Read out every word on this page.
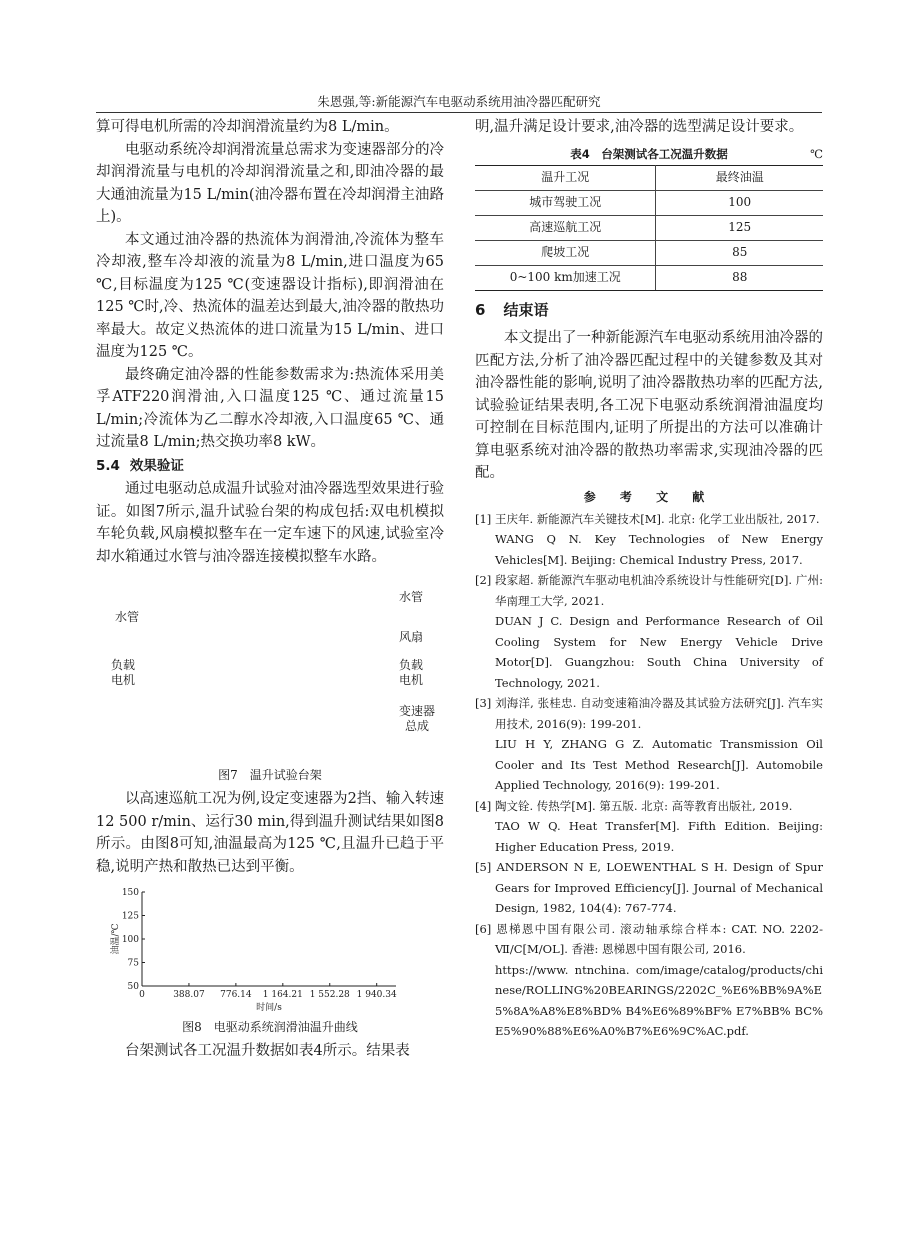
朱恩强,等:新能源汽车电驱动系统用油冷器匹配研究

算可得电机所需的冷却润滑流量约为8 L/min。

电驱动系统冷却润滑流量总需求为变速器部分的冷却润滑流量与电机的冷却润滑流量之和,即油冷器的最大通油流量为15 L/min(油冷器布置在冷却润滑主油路上)。

本文通过油冷器的热流体为润滑油,冷流体为整车冷却液,整车冷却液的流量为8 L/min,进口温度为65 ℃,目标温度为125 ℃(变速器设计指标),即润滑油在125 ℃时,冷、热流体的温差达到最大,油冷器的散热功率最大。故定义热流体的进口流量为15 L/min、进口温度为125 ℃。

最终确定油冷器的性能参数需求为:热流体采用美孚ATF220润滑油,入口温度125 ℃、通过流量15 L/min;冷流体为乙二醇水冷却液,入口温度65 ℃、通过流量8 L/min;热交换功率8 kW。

5.4 效果验证

通过电驱动总成温升试验对油冷器选型效果进行验证。如图7所示,温升试验台架的构成包括:双电机模拟车轮负载,风扇模拟整车在一定车速下的风速,试验室冷却水箱通过水管与油冷器连接模拟整车水路。

水管
水管
风扇
负载
电机
负载
电机
变速器
总成
图7　温升试验台架

以高速巡航工况为例,设定变速器为2挡、输入转速12 500 r/min、运行30 min,得到温升测试结果如图8所示。由图8可知,油温最高为125 ℃,且温升已趋于平稳,说明产热和散热已达到平衡。

50
75
100
125
150
0	388.07 776.14 1 164.21 1 552.28 1 940.34
时间/s
油温/℃
图8　电驱动系统润滑油温升曲线

台架测试各工况温升数据如表4所示。结果表

明,温升满足设计要求,油冷器的选型满足设计要求。

表4　台架测试各工况温升数据	℃
温升工况	最终油温
城市驾驶工况	100
高速巡航工况	125
爬坡工况	85
0~100 km加速工况	88
6 结束语

本文提出了一种新能源汽车电驱动系统用油冷器的匹配方法,分析了油冷器匹配过程中的关键参数及其对油冷器性能的影响,说明了油冷器散热功率的匹配方法,试验验证结果表明,各工况下电驱动系统润滑油温度均可控制在目标范围内,证明了所提出的方法可以准确计算电驱系统对油冷器的散热功率需求,实现油冷器的匹配。

参 考 文 献

[1] 王庆年. 新能源汽车关键技术[M]. 北京: 化学工业出版社, 2017.
WANG Q N. Key Technologies of New Energy Vehicles[M]. Beijing: Chemical Industry Press, 2017.

[2] 段家超. 新能源汽车驱动电机油冷系统设计与性能研究[D]. 广州: 华南理工大学, 2021.
DUAN J C. Design and Performance Research of Oil Cooling System for New Energy Vehicle Drive Motor[D]. Guangzhou: South China University of Technology, 2021.

[3] 刘海洋, 张桂忠. 自动变速箱油冷器及其试验方法研究[J]. 汽车实用技术, 2016(9): 199-201.
LIU H Y, ZHANG G Z. Automatic Transmission Oil Cooler and Its Test Method Research[J]. Automobile Applied Technology, 2016(9): 199-201.

[4] 陶文铨. 传热学[M]. 第五版. 北京: 高等教育出版社, 2019.
TAO W Q. Heat Transfer[M]. Fifth Edition. Beijing: Higher Education Press, 2019.

[5] ANDERSON N E, LOEWENTHAL S H. Design of Spur Gears for Improved Efficiency[J]. Journal of Mechanical Design, 1982, 104(4): 767-774.

[6] 恩梯恩中国有限公司. 滚动轴承综合样本: CAT. NO. 2202-Ⅶ/C[M/OL]. 香港: 恩梯恩中国有限公司, 2016.
https://www. ntnchina. com/image/catalog/products/chinese/ROLLING%20BEARINGS/2202C_%E6%BB%9A%E5%8A%A8%E8%BD% B4%E6%89%BF% E7%BB% BC% E5%90%88%E6%A0%B7%E6%9C%AC.pdf.
